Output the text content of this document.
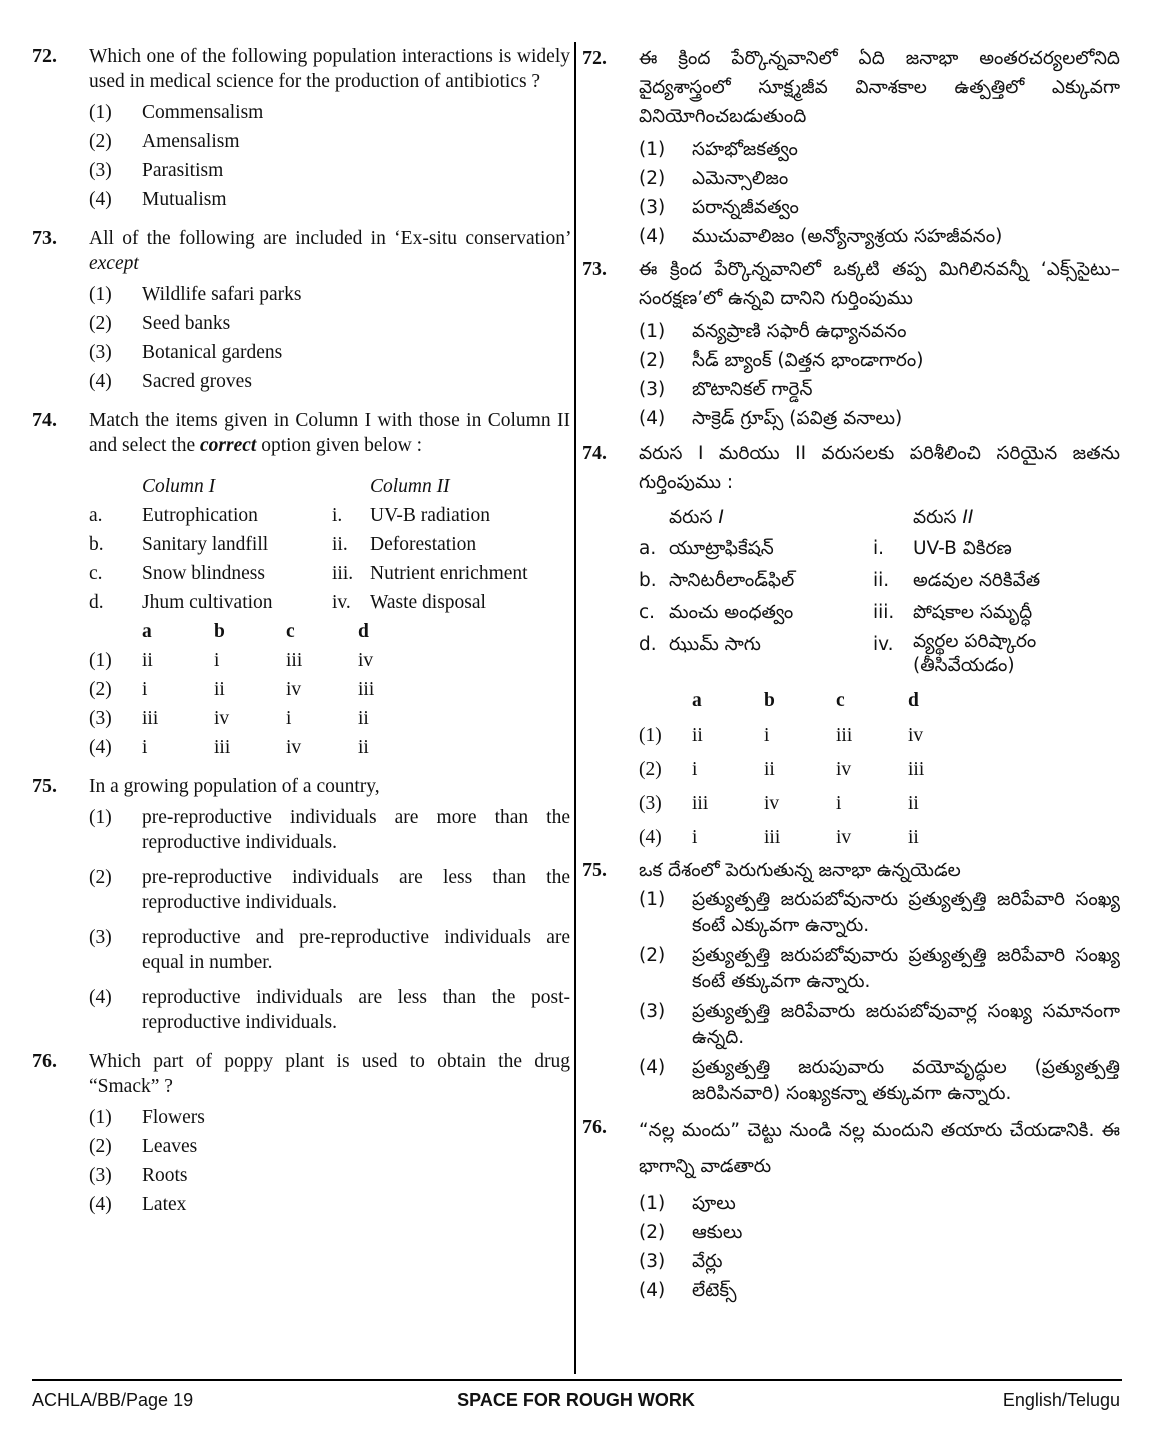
72. Which one of the following population interactions is widely used in medical science for the production of antibiotics ?
(1)	Commensalism
(2)	Amensalism
(3)	Parasitism
(4)	Mutualism
73. All of the following are included in ‘Ex-situ conservation’ except
(1)	Wildlife safari parks
(2)	Seed banks
(3)	Botanical gardens
(4)	Sacred groves
74. Match the items given in Column I with those in Column II and select the correct option given below :
Column I	Column II
a.	Eutrophication	i.	UV-B radiation
b.	Sanitary landfill	ii.	Deforestation
c.	Snow blindness	iii. Nutrient enrichment
d.	Jhum cultivation	iv. Waste disposal
a	b	c	d
(1)	ii	i	iii	iv
(2)	i	ii	iv	iii
(3)	iii	iv	i	ii
(4)	i	iii	iv	ii
75. In a growing population of a country,
(1)	pre-reproductive individuals are more than the reproductive individuals.
(2)	pre-reproductive individuals are less than the reproductive individuals.
(3)	reproductive and pre-reproductive individuals are equal in number.
(4)	reproductive individuals are less than the post-reproductive individuals.
76. Which part of poppy plant is used to obtain the drug “Smack” ?
(1)	Flowers
(2)	Leaves
(3)	Roots
(4)	Latex
72. ఈ క్రింద పేర్కొన్నవానిలో ఏది జనాభా అంతరచర్యలలోనిది వైద్యశాస్త్రంలో సూక్ష్మజీవ వినాశకాల ఉత్పత్తిలో ఎక్కువగా వినియోగించబడుతుంది
(1)	సహభోజకత్వం
(2)	ఎమెన్సాలిజం
(3)	పరాన్నజీవత్వం
(4)	ముచువాలిజం (అన్యోన్యాశ్రయ సహజీవనం)
73. ఈ క్రింద పేర్కొన్నవానిలో ఒక్కటి తప్ప మిగిలినవన్నీ ‘ఎక్స్‌సైటు–సంరక్షణ’లో ఉన్నవి దానిని గుర్తింపుము
(1)	వన్యప్రాణి సఫారీ ఉధ్యానవనం
(2)	సీడ్ బ్యాంక్ (విత్తన భాండాగారం)
(3)	బొటానికల్ గార్డెన్
(4)	సాక్రెడ్ గ్రూప్స్ (పవిత్ర వనాలు)
74. వరుస I మరియు II వరుసలకు పరిశీలించి సరియైన జతను గుర్తింపుము :
వరుస I	వరుస II
a. యూట్రాఫికేషన్	i.	UV-B వికిరణ
b. సానిటరీలాండ్‌ఫిల్	ii.	అడవుల నరికివేత
c. మంచు అంధత్వం	iii.	పోషకాల సమృద్ధీ
d. ఝుమ్ సాగు	iv.	వ్యర్థల పరిష్కారం (తీసివేయడం)
a	b	c	d
(1)	ii	i	iii	iv
(2)	i	ii	iv	iii
(3)	iii	iv	i	ii
(4)	i	iii	iv	ii
75. ఒక దేశంలో పెరుగుతున్న జనాభా ఉన్నయెడల
(1)	ప్రత్యుత్పత్తి జరుపబోవునారు ప్రత్యుత్పత్తి జరిపేవారి సంఖ్య కంటే ఎక్కువగా ఉన్నారు.
(2)	ప్రత్యుత్పత్తి జరుపబోవువారు ప్రత్యుత్పత్తి జరిపేవారి సంఖ్య కంటే తక్కువగా ఉన్నారు.
(3)	ప్రత్యుత్పత్తి జరిపేవారు జరుపబోవువార్ల సంఖ్య సమానంగా ఉన్నది.
(4)	ప్రత్యుత్పత్తి జరుపువారు వయోవృద్ధుల (ప్రత్యుత్పత్తి జరిపినవారి) సంఖ్యకన్నా తక్కువగా ఉన్నారు.
76. “నల్ల మందు” చెట్టు నుండి నల్ల మందుని తయారు చేయడానికి. ఈ భాగాన్ని వాడతారు
(1)	పూలు
(2)	ఆకులు
(3)	వేర్లు
(4)	లేటెక్స్
ACHLA/BB/Page 19	SPACE FOR ROUGH WORK	English/Telugu
